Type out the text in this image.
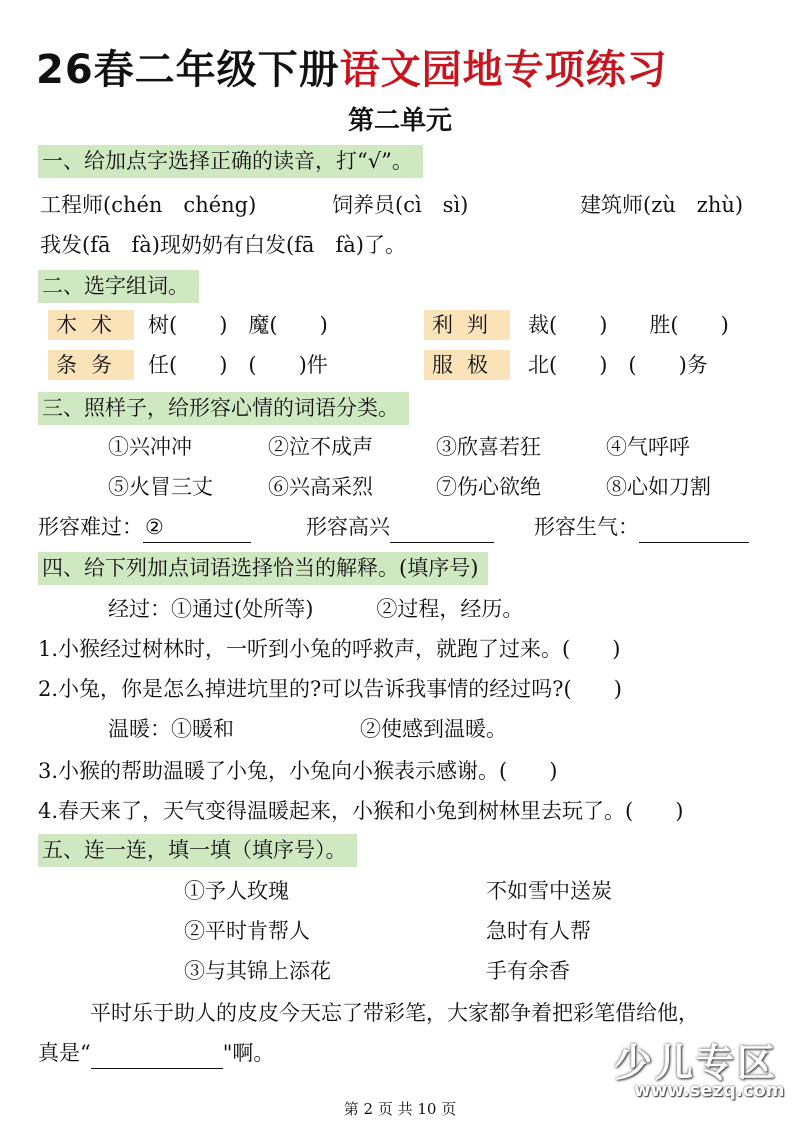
26春二年级下册语文园地专项练习
第二单元
一、给加点字选择正确的读音，打“√”。
工程师(chén　chéng)	饲养员(cì　sì)	建筑师(zù　zhù)
我发(fā　fà)现奶奶有白发(fā　fà)了。
二、选字组词。
木术	树(　　)　魔(　　)	利判	裁(　　)　　胜(　　)
条务	任(　　)　(　　)件	服极	北(　　)　(　　)务
三、照样子，给形容心情的词语分类。
①兴冲冲	②泣不成声	③欣喜若狂	④气呼呼
⑤火冒三丈	⑥兴高采烈	⑦伤心欲绝	⑧心如刀割
形容难过：②	形容高兴	形容生气：
四、给下列加点词语选择恰当的解释。(填序号)
经过：①通过(处所等)　　　②过程，经历。
1.小猴经过树林时，一听到小兔的呼救声，就跑了过来。(　　)
2.小兔，你是怎么掉进坑里的?可以告诉我事情的经过吗?(　　)
温暖：①暖和　　　　　　②使感到温暖。
3.小猴的帮助温暖了小兔，小兔向小猴表示感谢。(　　)
4.春天来了，天气变得温暖起来，小猴和小兔到树林里去玩了。(　　)
五、连一连，填一填（填序号）。
①予人玫瑰	不如雪中送炭
②平时肯帮人	急时有人帮
③与其锦上添花	手有余香
平时乐于助人的皮皮今天忘了带彩笔，大家都争着把彩笔借给他，
真是“	"啊。
第 2 页 共 10 页
少儿专区
www.sezq.com
